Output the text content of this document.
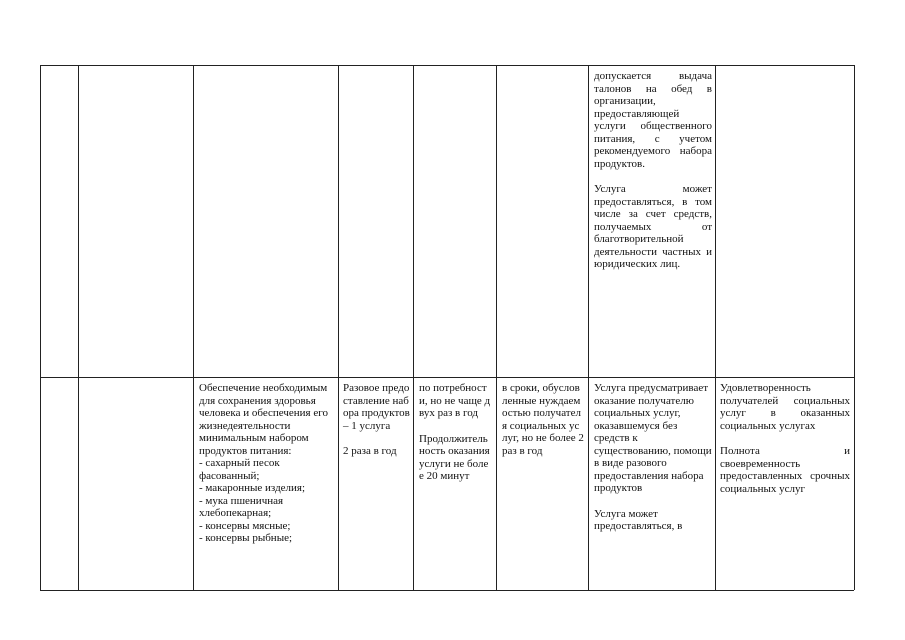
допускается выдача талонов на обед в организации, предоставляющей услуги общественного питания, с учетом рекомендуемого набора продуктов.

Услуга может предоставляться, в том числе за счет средств, получаемых от благотворительной деятельности частных и юридических лиц.

Обеспечение необходимым для сохранения здоровья человека и обеспечения его жизнедеятельности минимальным набором продуктов питания:

- сахарный песок фасованный;
- макаронные изделия;
- мука пшеничная хлебопекарная;
- консервы мясные;
- консервы рыбные;

Разовое предоставление набора продуктов – 1 услуга

2 раза в год

по потребности, но не чаще двух раз в год

Продолжительность оказания услуги не более 20 минут

в сроки, обусловленные нуждаемостью получателя социальных услуг, но не более 2 раз в год

Услуга предусматривает оказание получателю социальных услуг, оказавшемуся без средств к существованию, помощи в виде разового предоставления набора продуктов

Услуга может предоставляться, в

Удовлетворенность получателей социальных услуг в оказанных социальных услугах

Полнота и своевременность предоставленных срочных социальных услуг
